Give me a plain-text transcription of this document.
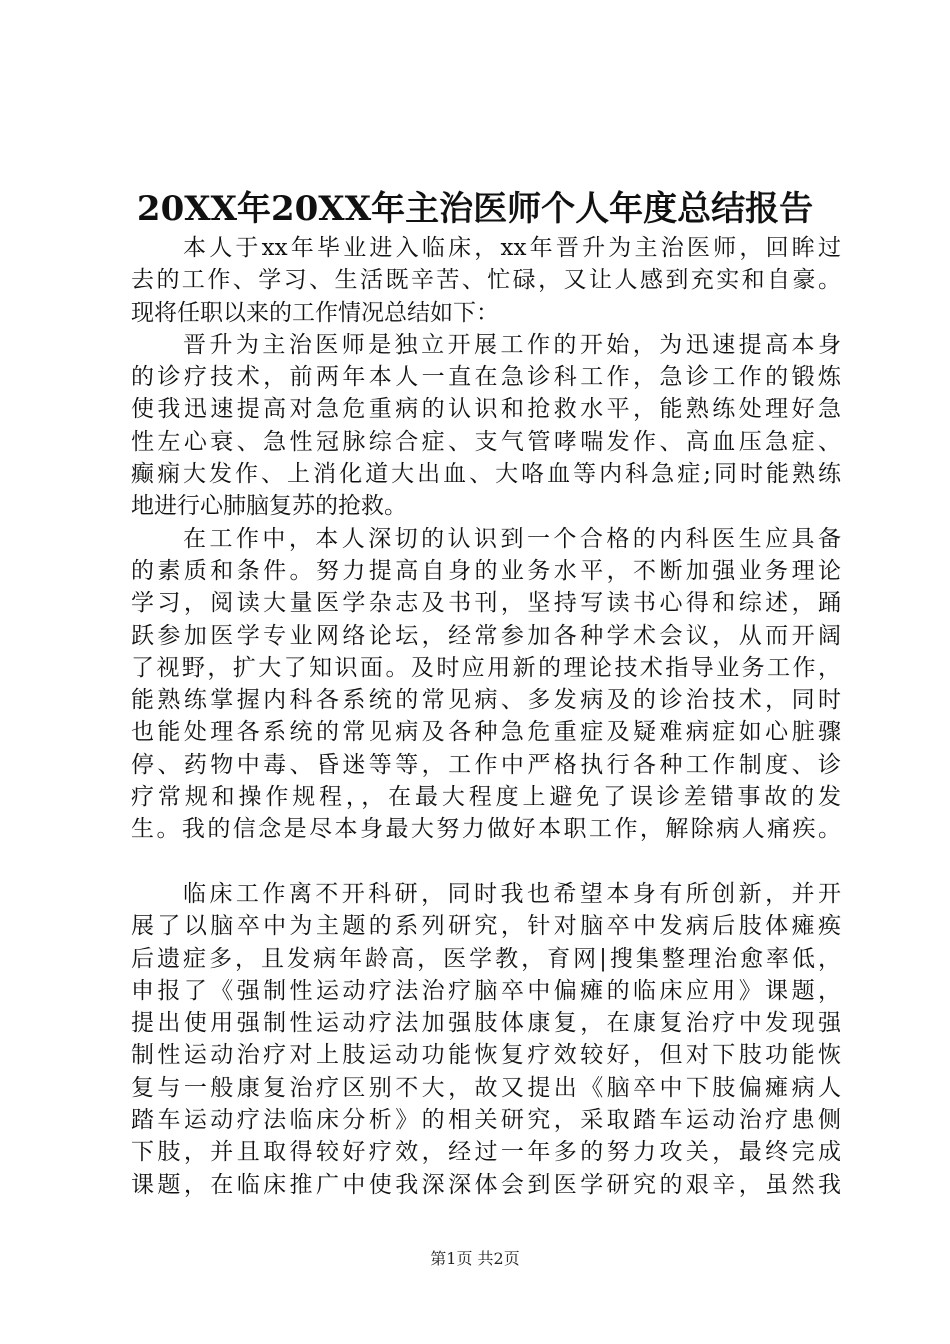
20XX年20XX年主治医师个人年度总结报告
本人于xx年毕业进入临床，xx年晋升为主治医师，回眸过
去的工作、学习、生活既辛苦、忙碌，又让人感到充实和自豪。
现将任职以来的工作情况总结如下：
晋升为主治医师是独立开展工作的开始，为迅速提高本身
的诊疗技术，前两年本人一直在急诊科工作，急诊工作的锻炼
使我迅速提高对急危重病的认识和抢救水平，能熟练处理好急
性左心衰、急性冠脉综合症、支气管哮喘发作、高血压急症、
癫痫大发作、上消化道大出血、大咯血等内科急症;同时能熟练
地进行心肺脑复苏的抢救。
在工作中，本人深切的认识到一个合格的内科医生应具备
的素质和条件。努力提高自身的业务水平，不断加强业务理论
学习，阅读大量医学杂志及书刊，坚持写读书心得和综述，踊
跃参加医学专业网络论坛，经常参加各种学术会议，从而开阔
了视野，扩大了知识面。及时应用新的理论技术指导业务工作，
能熟练掌握内科各系统的常见病、多发病及的诊治技术，同时
也能处理各系统的常见病及各种急危重症及疑难病症如心脏骤
停、药物中毒、昏迷等等，工作中严格执行各种工作制度、诊
疗常规和操作规程，，在最大程度上避免了误诊差错事故的发
生。我的信念是尽本身最大努力做好本职工作，解除病人痛疾。
临床工作离不开科研，同时我也希望本身有所创新，并开
展了以脑卒中为主题的系列研究，针对脑卒中发病后肢体瘫痪
后遗症多，且发病年龄高，医学教，育网|搜集整理治愈率低，
申报了《强制性运动疗法治疗脑卒中偏瘫的临床应用》课题，
提出使用强制性运动疗法加强肢体康复，在康复治疗中发现强
制性运动治疗对上肢运动功能恢复疗效较好，但对下肢功能恢
复与一般康复治疗区别不大，故又提出《脑卒中下肢偏瘫病人
踏车运动疗法临床分析》的相关研究，采取踏车运动治疗患侧
下肢，并且取得较好疗效，经过一年多的努力攻关，最终完成
课题，在临床推广中使我深深体会到医学研究的艰辛，虽然我
第1页 共2页
